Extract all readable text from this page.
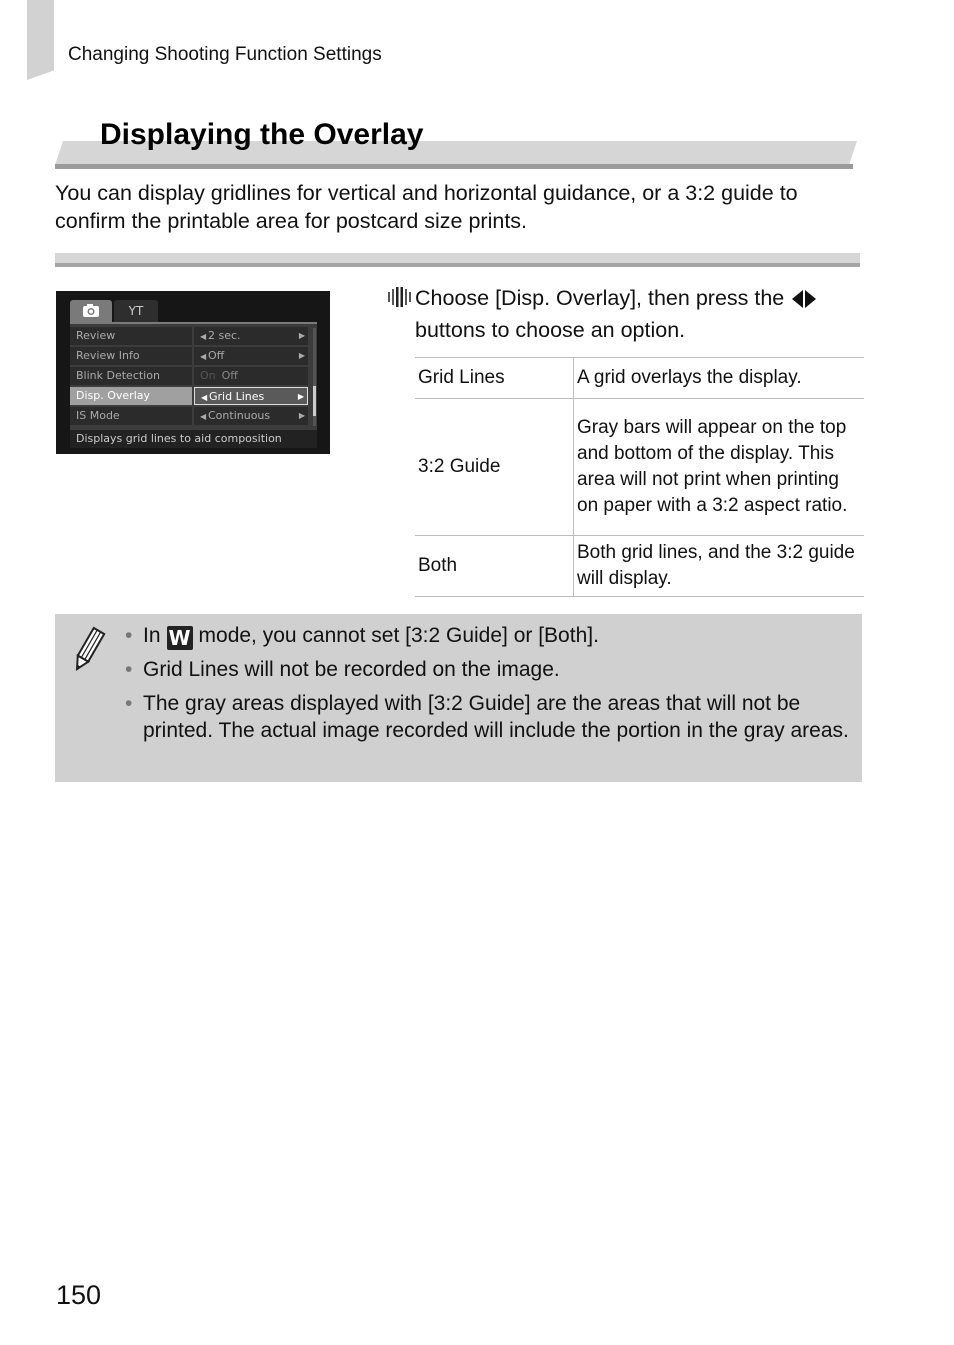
Changing Shooting Function Settings
Displaying the Overlay
You can display gridlines for vertical and horizontal guidance, or a 3:2 guide to confirm the printable area for postcard size prints.
ΥΤ
Review	◀ 2 sec.	▶
Review Info	◀ Off	▶
Blink Detection	On Off
Disp. Overlay	◀ Grid Lines	▶
IS Mode	◀ Continuous	▶
Displays grid lines to aid composition
Choose [Disp. Overlay], then press the

buttons to choose an option.
Grid Lines	A grid overlays the display.
3:2 Guide	Gray bars will appear on the top and bottom of the display. This area will not print when printing on paper with a 3:2 aspect ratio.
Both	Both grid lines, and the 3:2 guide will display.
• In W mode, you cannot set [3:2 Guide] or [Both].
• Grid Lines will not be recorded on the image.
• The gray areas displayed with [3:2 Guide] are the areas that will not be printed. The actual image recorded will include the portion in the gray areas.
150
